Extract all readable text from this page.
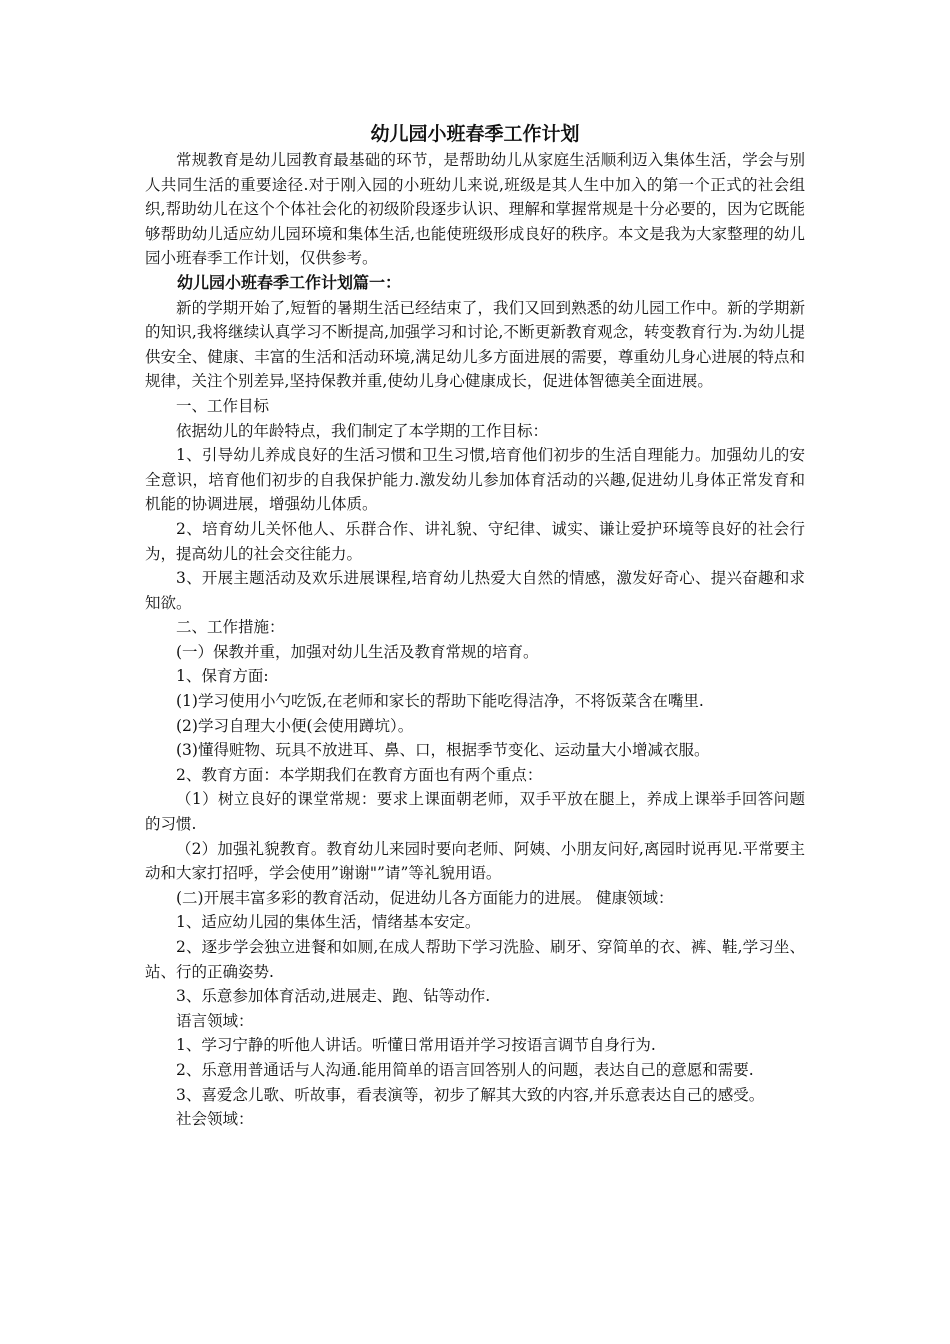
幼儿园小班春季工作计划

常规教育是幼儿园教育最基础的环节，是帮助幼儿从家庭生活顺利迈入集体生活，学会与别人共同生活的重要途径.对于刚入园的小班幼儿来说,班级是其人生中加入的第一个正式的社会组织,帮助幼儿在这个个体社会化的初级阶段逐步认识、理解和掌握常规是十分必要的，因为它既能够帮助幼儿适应幼儿园环境和集体生活,也能使班级形成良好的秩序。本文是我为大家整理的幼儿园小班春季工作计划，仅供参考。

幼儿园小班春季工作计划篇一：

新的学期开始了,短暂的暑期生活已经结束了，我们又回到熟悉的幼儿园工作中。新的学期新的知识,我将继续认真学习不断提高,加强学习和讨论,不断更新教育观念，转变教育行为.为幼儿提供安全、健康、丰富的生活和活动环境,满足幼儿多方面进展的需要，尊重幼儿身心进展的特点和规律，关注个别差异,坚持保教并重,使幼儿身心健康成长，促进体智德美全面进展。

一、工作目标

依据幼儿的年龄特点，我们制定了本学期的工作目标：

1、引导幼儿养成良好的生活习惯和卫生习惯,培育他们初步的生活自理能力。加强幼儿的安全意识，培育他们初步的自我保护能力.激发幼儿参加体育活动的兴趣,促进幼儿身体正常发育和机能的协调进展，增强幼儿体质。

2、培育幼儿关怀他人、乐群合作、讲礼貌、守纪律、诚实、谦让爱护环境等良好的社会行为，提高幼儿的社会交往能力。

3、开展主题活动及欢乐进展课程,培育幼儿热爱大自然的情感，激发好奇心、提兴奋趣和求知欲。

二、工作措施：

(一）保教并重，加强对幼儿生活及教育常规的培育。

1、保育方面:

(1)学习使用小勺吃饭,在老师和家长的帮助下能吃得洁净，不将饭菜含在嘴里.

(2)学习自理大小便(会使用蹲坑）。

(3)懂得赃物、玩具不放进耳、鼻、口，根据季节变化、运动量大小增减衣服。

2、教育方面：本学期我们在教育方面也有两个重点：

（1）树立良好的课堂常规：要求上课面朝老师，双手平放在腿上，养成上课举手回答问题的习惯.

（2）加强礼貌教育。教育幼儿来园时要向老师、阿姨、小朋友问好,离园时说再见.平常要主动和大家打招呼，学会使用”谢谢"”请”等礼貌用语。

(二)开展丰富多彩的教育活动，促进幼儿各方面能力的进展。 健康领域：

1、适应幼儿园的集体生活，情绪基本安定。

2、逐步学会独立进餐和如厕,在成人帮助下学习洗脸、刷牙、穿简单的衣、裤、鞋,学习坐、站、行的正确姿势.

3、乐意参加体育活动,进展走、跑、钻等动作.

语言领域：

1、学习宁静的听他人讲话。听懂日常用语并学习按语言调节自身行为.

2、乐意用普通话与人沟通.能用简单的语言回答别人的问题，表达自己的意愿和需要.

3、喜爱念儿歌、听故事，看表演等，初步了解其大致的内容,并乐意表达自己的感受。

社会领域：
